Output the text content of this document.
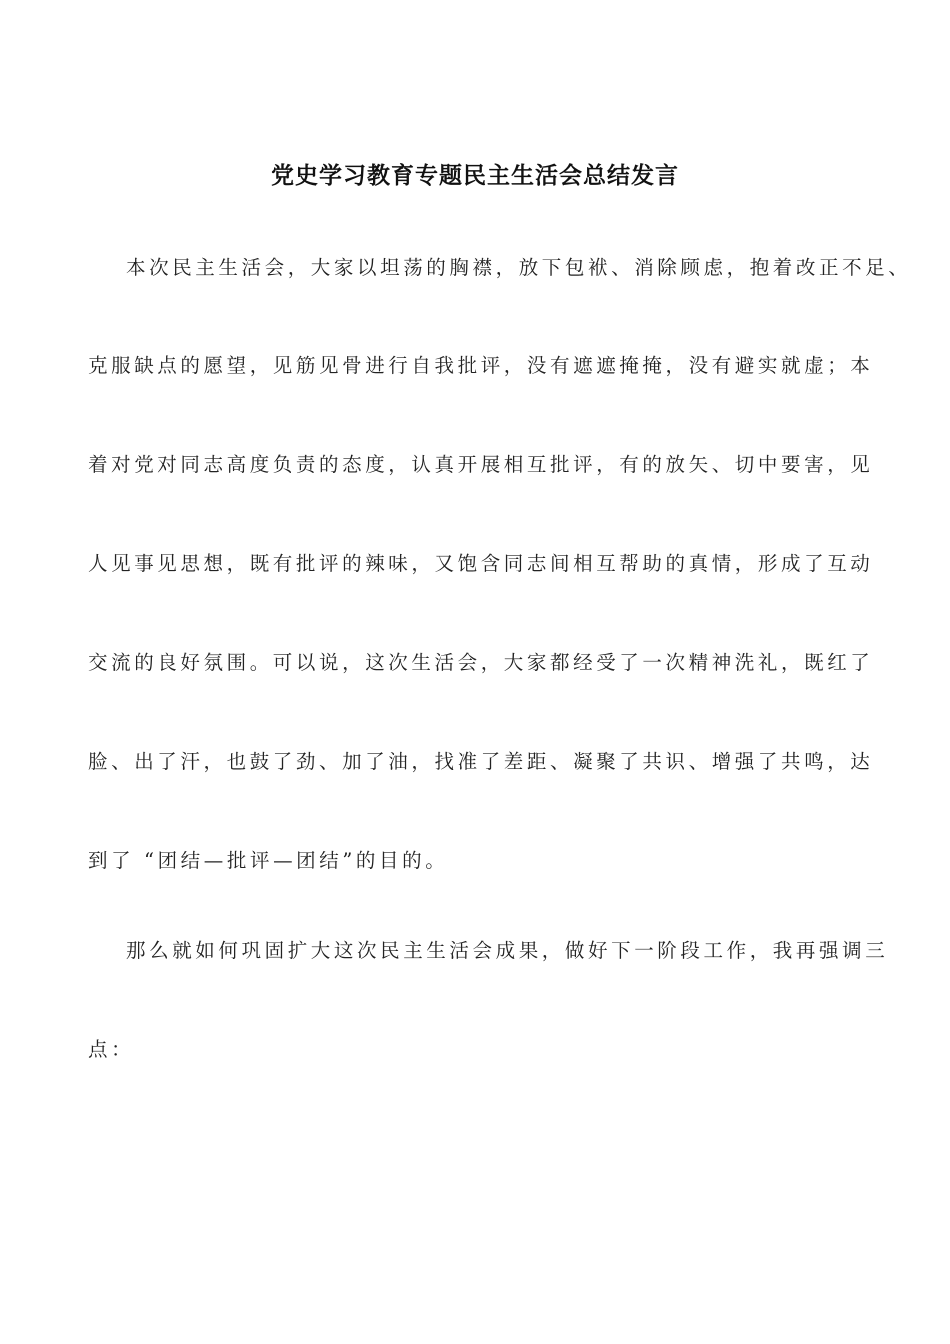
党史学习教育专题民主生活会总结发言
本次民主生活会，大家以坦荡的胸襟，放下包袱、消除顾虑，抱着改正不足、
克服缺点的愿望，见筋见骨进行自我批评，没有遮遮掩掩，没有避实就虚；本
着对党对同志高度负责的态度，认真开展相互批评，有的放矢、切中要害，见
人见事见思想，既有批评的辣味，又饱含同志间相互帮助的真情，形成了互动
交流的良好氛围。可以说，这次生活会，大家都经受了一次精神洗礼，既红了
脸、出了汗，也鼓了劲、加了油，找准了差距、凝聚了共识、增强了共鸣，达
到了 “团结—批评—团结”的目的。
那么就如何巩固扩大这次民主生活会成果，做好下一阶段工作，我再强调三
点：
